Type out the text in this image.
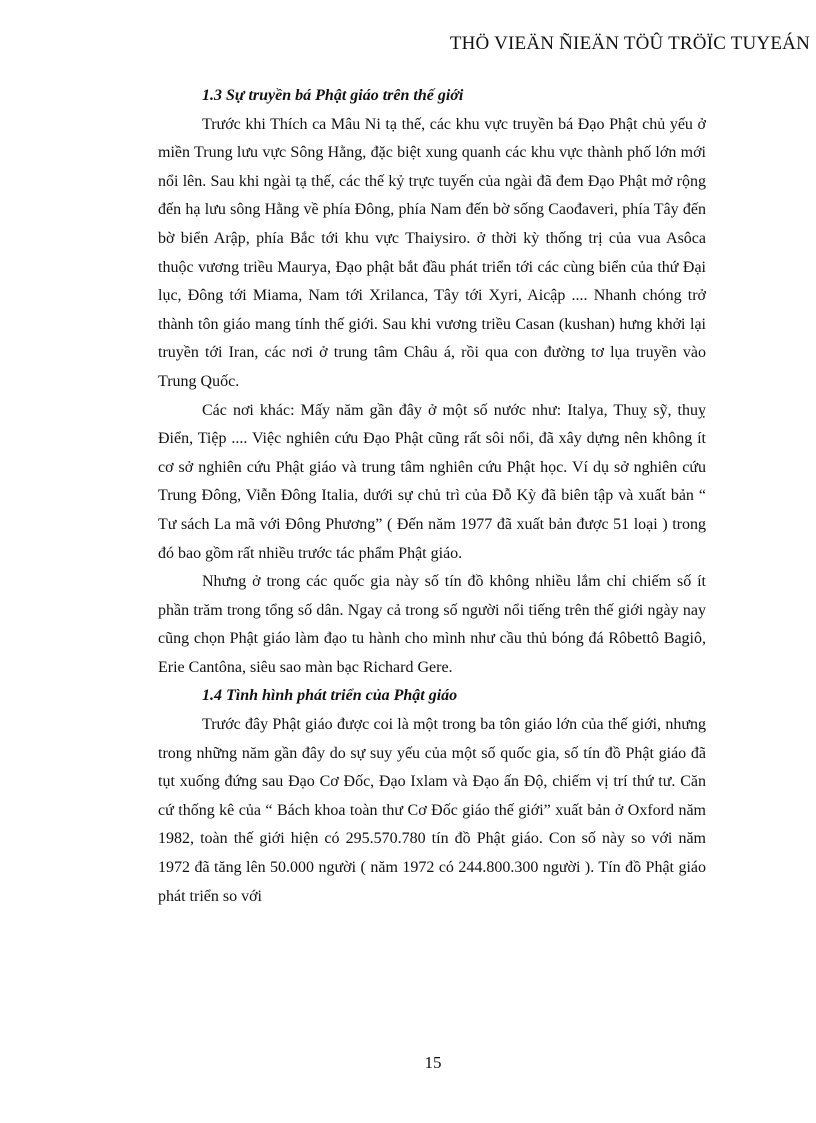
THÖ VIEÄN ÑIEÄN TÖÛ TRÖÏC TUYEÁN
1.3 Sự truyền bá Phật giáo trên thế giới

Trước khi Thích ca Mâu Ni tạ thế, các khu vực truyền bá Đạo Phật chủ yếu ở miền Trung lưu vực Sông Hằng, đặc biệt xung quanh các khu vực thành phố lớn mới nổi lên. Sau khi ngài tạ thế, các thế kỷ trực tuyến của ngài đã đem Đạo Phật mở rộng đến hạ lưu sông Hằng về phía Đông, phía Nam đến bờ sống Caođaveri, phía Tây đến bờ biển Arập, phía Bắc tới khu vực Thaiysiro. ở thời kỳ thống trị của vua Asôca thuộc vương triều Maurya, Đạo phật bắt đầu phát triển tới các cùng biển của thứ Đại lục, Đông tới Miama, Nam tới Xrilanca, Tây tới Xyri, Aicập .... Nhanh chóng trở thành tôn giáo mang tính thế giới. Sau khi vương triều Casan (kushan) hưng khởi lại truyền tới Iran, các nơi ở trung tâm Châu á, rồi qua con đường tơ lụa truyền vào Trung Quốc.

Các nơi khác: Mấy năm gần đây ở một số nước như: Italya, Thuỵ sỹ, thuỵ Điển, Tiệp .... Việc nghiên cứu Đạo Phật cũng rất sôi nổi, đã xây dựng nên không ít cơ sở nghiên cứu Phật giáo và trung tâm nghiên cứu Phật học. Ví dụ sở nghiên cứu Trung Đông, Viễn Đông Italia, dưới sự chủ trì của Đỗ Kỳ đã biên tập và xuất bản “ Tư sách La mã với Đông Phương” ( Đến năm 1977 đã xuất bản được 51 loại ) trong đó bao gồm rất nhiều trước tác phẩm Phật giáo.

Nhưng ở trong các quốc gia này số tín đồ không nhiều lắm chỉ chiếm số ít phần trăm trong tổng số dân. Ngay cả trong số người nổi tiếng trên thế giới ngày nay cũng chọn Phật giáo làm đạo tu hành cho mình như cầu thủ bóng đá Rôbettô Bagiô, Erie Cantôna, siêu sao màn bạc Richard Gere.

1.4 Tình hình phát triển của Phật giáo

Trước đây Phật giáo được coi là một trong ba tôn giáo lớn của thế giới, nhưng trong những năm gần đây do sự suy yếu của một số quốc gia, số tín đồ Phật giáo đã tụt xuống đứng sau Đạo Cơ Đốc, Đạo Ixlam và Đạo ấn Độ, chiếm vị trí thứ tư. Căn cứ thống kê của “ Bách khoa toàn thư Cơ Đốc giáo thế giới” xuất bản ở Oxford năm 1982, toàn thế giới hiện có 295.570.780 tín đồ Phật giáo. Con số này so với năm 1972 đã tăng lên 50.000 người ( năm 1972 có 244.800.300 người ). Tín đồ Phật giáo phát triển so với

15
